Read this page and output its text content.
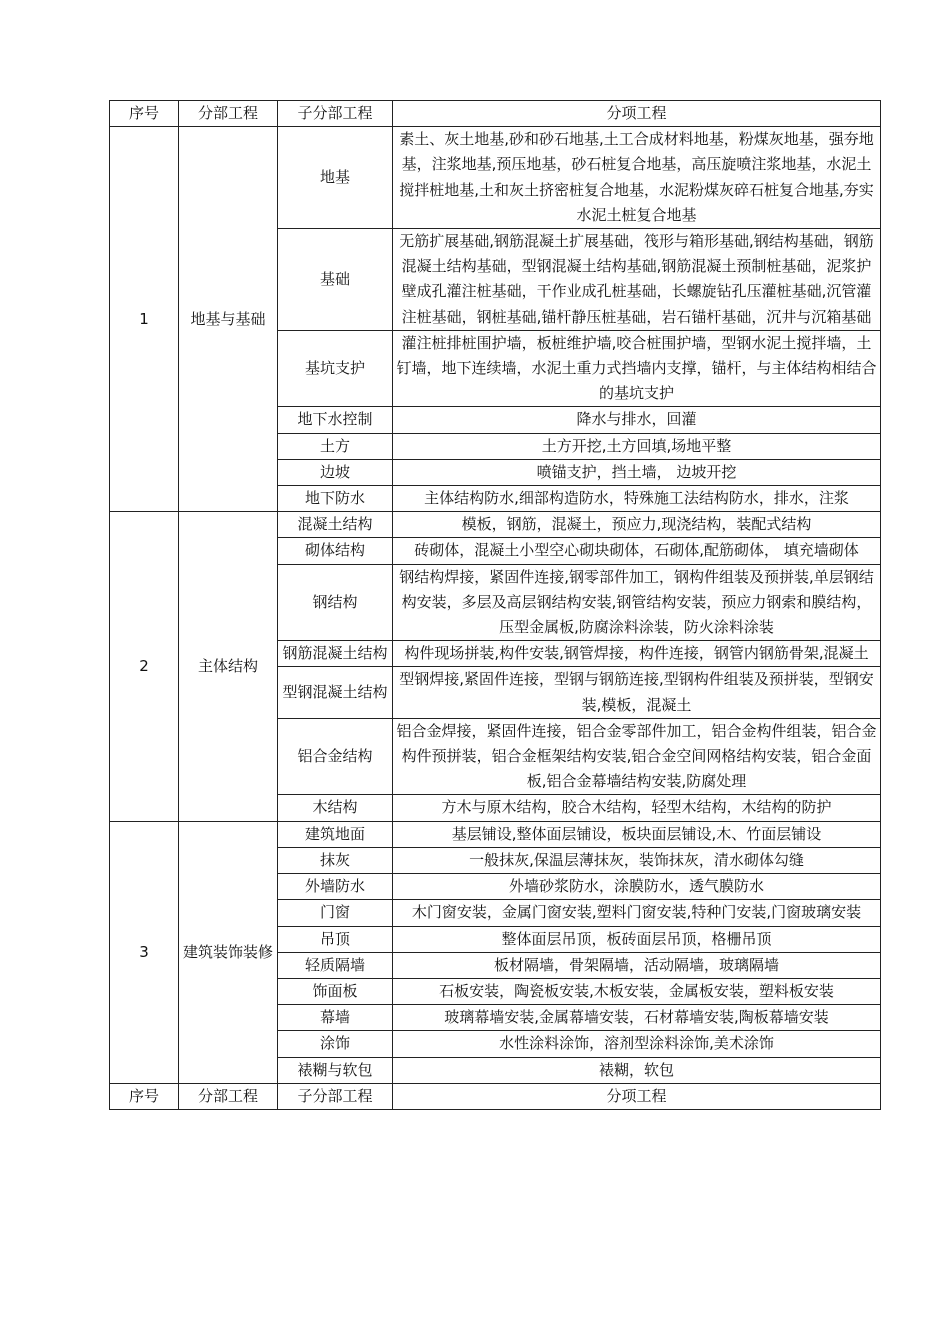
序号	分部工程	子分部工程	分项工程
1	地基与基础	地基	素土、灰土地基,砂和砂石地基,土工合成材料地基，粉煤灰地基，强夯地基，注浆地基,预压地基，砂石桩复合地基，高压旋喷注浆地基，水泥土搅拌桩地基,土和灰土挤密桩复合地基，水泥粉煤灰碎石桩复合地基,夯实水泥土桩复合地基
		基础	无筋扩展基础,钢筋混凝土扩展基础，筏形与箱形基础,钢结构基础，钢筋混凝土结构基础，型钢混凝土结构基础,钢筋混凝土预制桩基础，泥浆护壁成孔灌注桩基础，干作业成孔桩基础，长螺旋钻孔压灌桩基础,沉管灌注桩基础，钢桩基础,锚杆静压桩基础，岩石锚杆基础，沉井与沉箱基础
		基坑支护	灌注桩排桩围护墙，板桩维护墙,咬合桩围护墙，型钢水泥土搅拌墙，土钉墙，地下连续墙，水泥土重力式挡墙内支撑，锚杆，与主体结构相结合的基坑支护
		地下水控制	降水与排水，回灌
		土方	土方开挖,土方回填,场地平整
		边坡	喷锚支护，挡土墙， 边坡开挖
		地下防水	主体结构防水,细部构造防水，特殊施工法结构防水，排水，注浆
2	主体结构	混凝土结构	模板，钢筋，混凝土，预应力,现浇结构，装配式结构
		砌体结构	砖砌体，混凝土小型空心砌块砌体，石砌体,配筋砌体， 填充墙砌体
		钢结构	钢结构焊接，紧固件连接,钢零部件加工，钢构件组装及预拼装,单层钢结构安装，多层及高层钢结构安装,钢管结构安装，预应力钢索和膜结构，压型金属板,防腐涂料涂装，防火涂料涂装
		钢筋混凝土结构	构件现场拼装,构件安装,钢管焊接，构件连接，钢管内钢筋骨架,混凝土
		型钢混凝土结构	型钢焊接,紧固件连接，型钢与钢筋连接,型钢构件组装及预拼装，型钢安装,模板，混凝土
		铝合金结构	铝合金焊接，紧固件连接，铝合金零部件加工，铝合金构件组装，铝合金构件预拼装，铝合金框架结构安装,铝合金空间网格结构安装，铝合金面板,铝合金幕墙结构安装,防腐处理
		木结构	方木与原木结构，胶合木结构，轻型木结构，木结构的防护
3	建筑装饰装修	建筑地面	基层铺设,整体面层铺设，板块面层铺设,木、竹面层铺设
		抹灰	一般抹灰,保温层薄抹灰，装饰抹灰，清水砌体勾缝
		外墙防水	外墙砂浆防水，涂膜防水，透气膜防水
		门窗	木门窗安装，金属门窗安装,塑料门窗安装,特种门安装,门窗玻璃安装
		吊顶	整体面层吊顶，板砖面层吊顶，格栅吊顶
		轻质隔墙	板材隔墙，骨架隔墙，活动隔墙，玻璃隔墙
		饰面板	石板安装，陶瓷板安装,木板安装，金属板安装，塑料板安装
		幕墙	玻璃幕墙安装,金属幕墙安装，石材幕墙安装,陶板幕墙安装
		涂饰	水性涂料涂饰，溶剂型涂料涂饰,美术涂饰
		裱糊与软包	裱糊，软包
序号	分部工程	子分部工程	分项工程
